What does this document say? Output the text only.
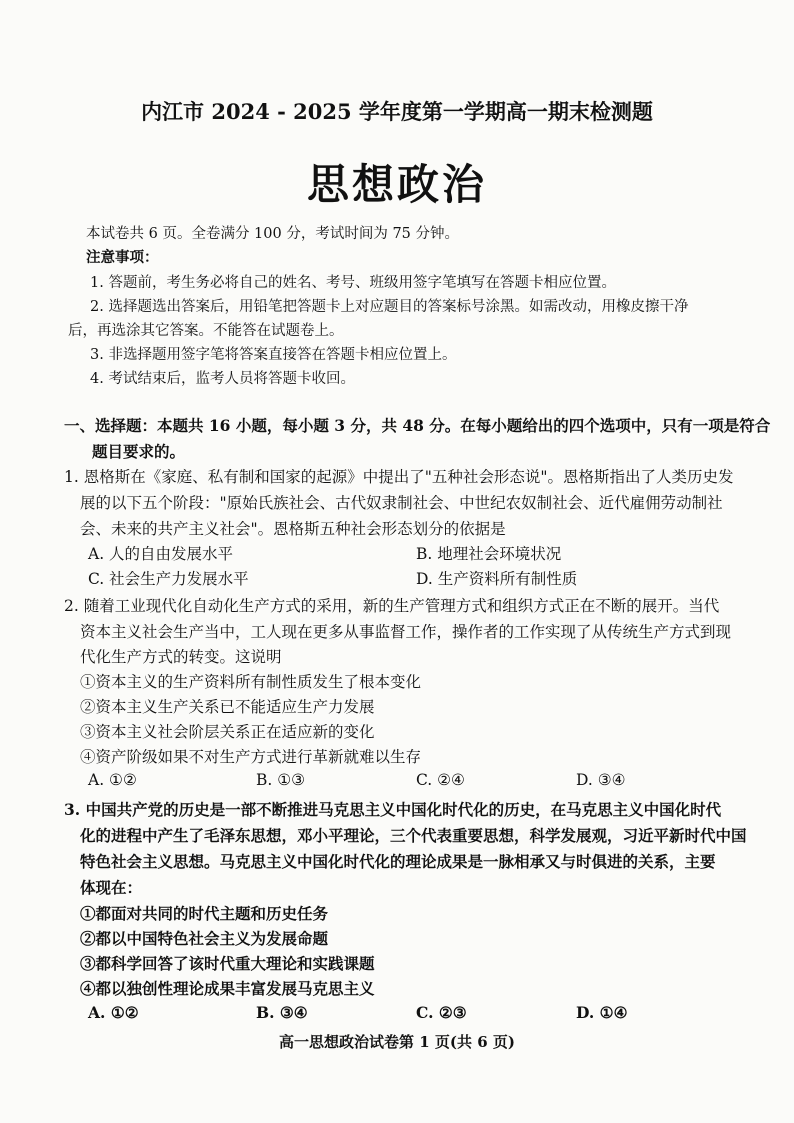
内江市 2024 - 2025 学年度第一学期高一期末检测题
思想政治
本试卷共 6 页。全卷满分 100 分，考试时间为 75 分钟。
注意事项：
1. 答题前，考生务必将自己的姓名、考号、班级用签字笔填写在答题卡相应位置。
2. 选择题选出答案后，用铅笔把答题卡上对应题目的答案标号涂黑。如需改动，用橡皮擦干净
后，再选涂其它答案。不能答在试题卷上。
3. 非选择题用签字笔将答案直接答在答题卡相应位置上。
4. 考试结束后，监考人员将答题卡收回。
一、选择题：本题共 16 小题，每小题 3 分，共 48 分。在每小题给出的四个选项中，只有一项是符合
题目要求的。
1. 恩格斯在《家庭、私有制和国家的起源》中提出了"五种社会形态说"。恩格斯指出了人类历史发
展的以下五个阶段："原始氏族社会、古代奴隶制社会、中世纪农奴制社会、近代雇佣劳动制社
会、未来的共产主义社会"。恩格斯五种社会形态划分的依据是
A. 人的自由发展水平	B. 地理社会环境状况
C. 社会生产力发展水平	D. 生产资料所有制性质
2. 随着工业现代化自动化生产方式的采用，新的生产管理方式和组织方式正在不断的展开。当代
资本主义社会生产当中，工人现在更多从事监督工作，操作者的工作实现了从传统生产方式到现
代化生产方式的转变。这说明
①资本主义的生产资料所有制性质发生了根本变化
②资本主义生产关系已不能适应生产力发展
③资本主义社会阶层关系正在适应新的变化
④资产阶级如果不对生产方式进行革新就难以生存
A. ①②	B. ①③	C. ②④	D. ③④
3. 中国共产党的历史是一部不断推进马克思主义中国化时代化的历史，在马克思主义中国化时代
化的进程中产生了毛泽东思想，邓小平理论，三个代表重要思想，科学发展观，习近平新时代中国
特色社会主义思想。马克思主义中国化时代化的理论成果是一脉相承又与时俱进的关系，主要
体现在：
①都面对共同的时代主题和历史任务
②都以中国特色社会主义为发展命题
③都科学回答了该时代重大理论和实践课题
④都以独创性理论成果丰富发展马克思主义
A. ①②	B. ③④	C. ②③	D. ①④
高一思想政治试卷第 1 页(共 6 页)
